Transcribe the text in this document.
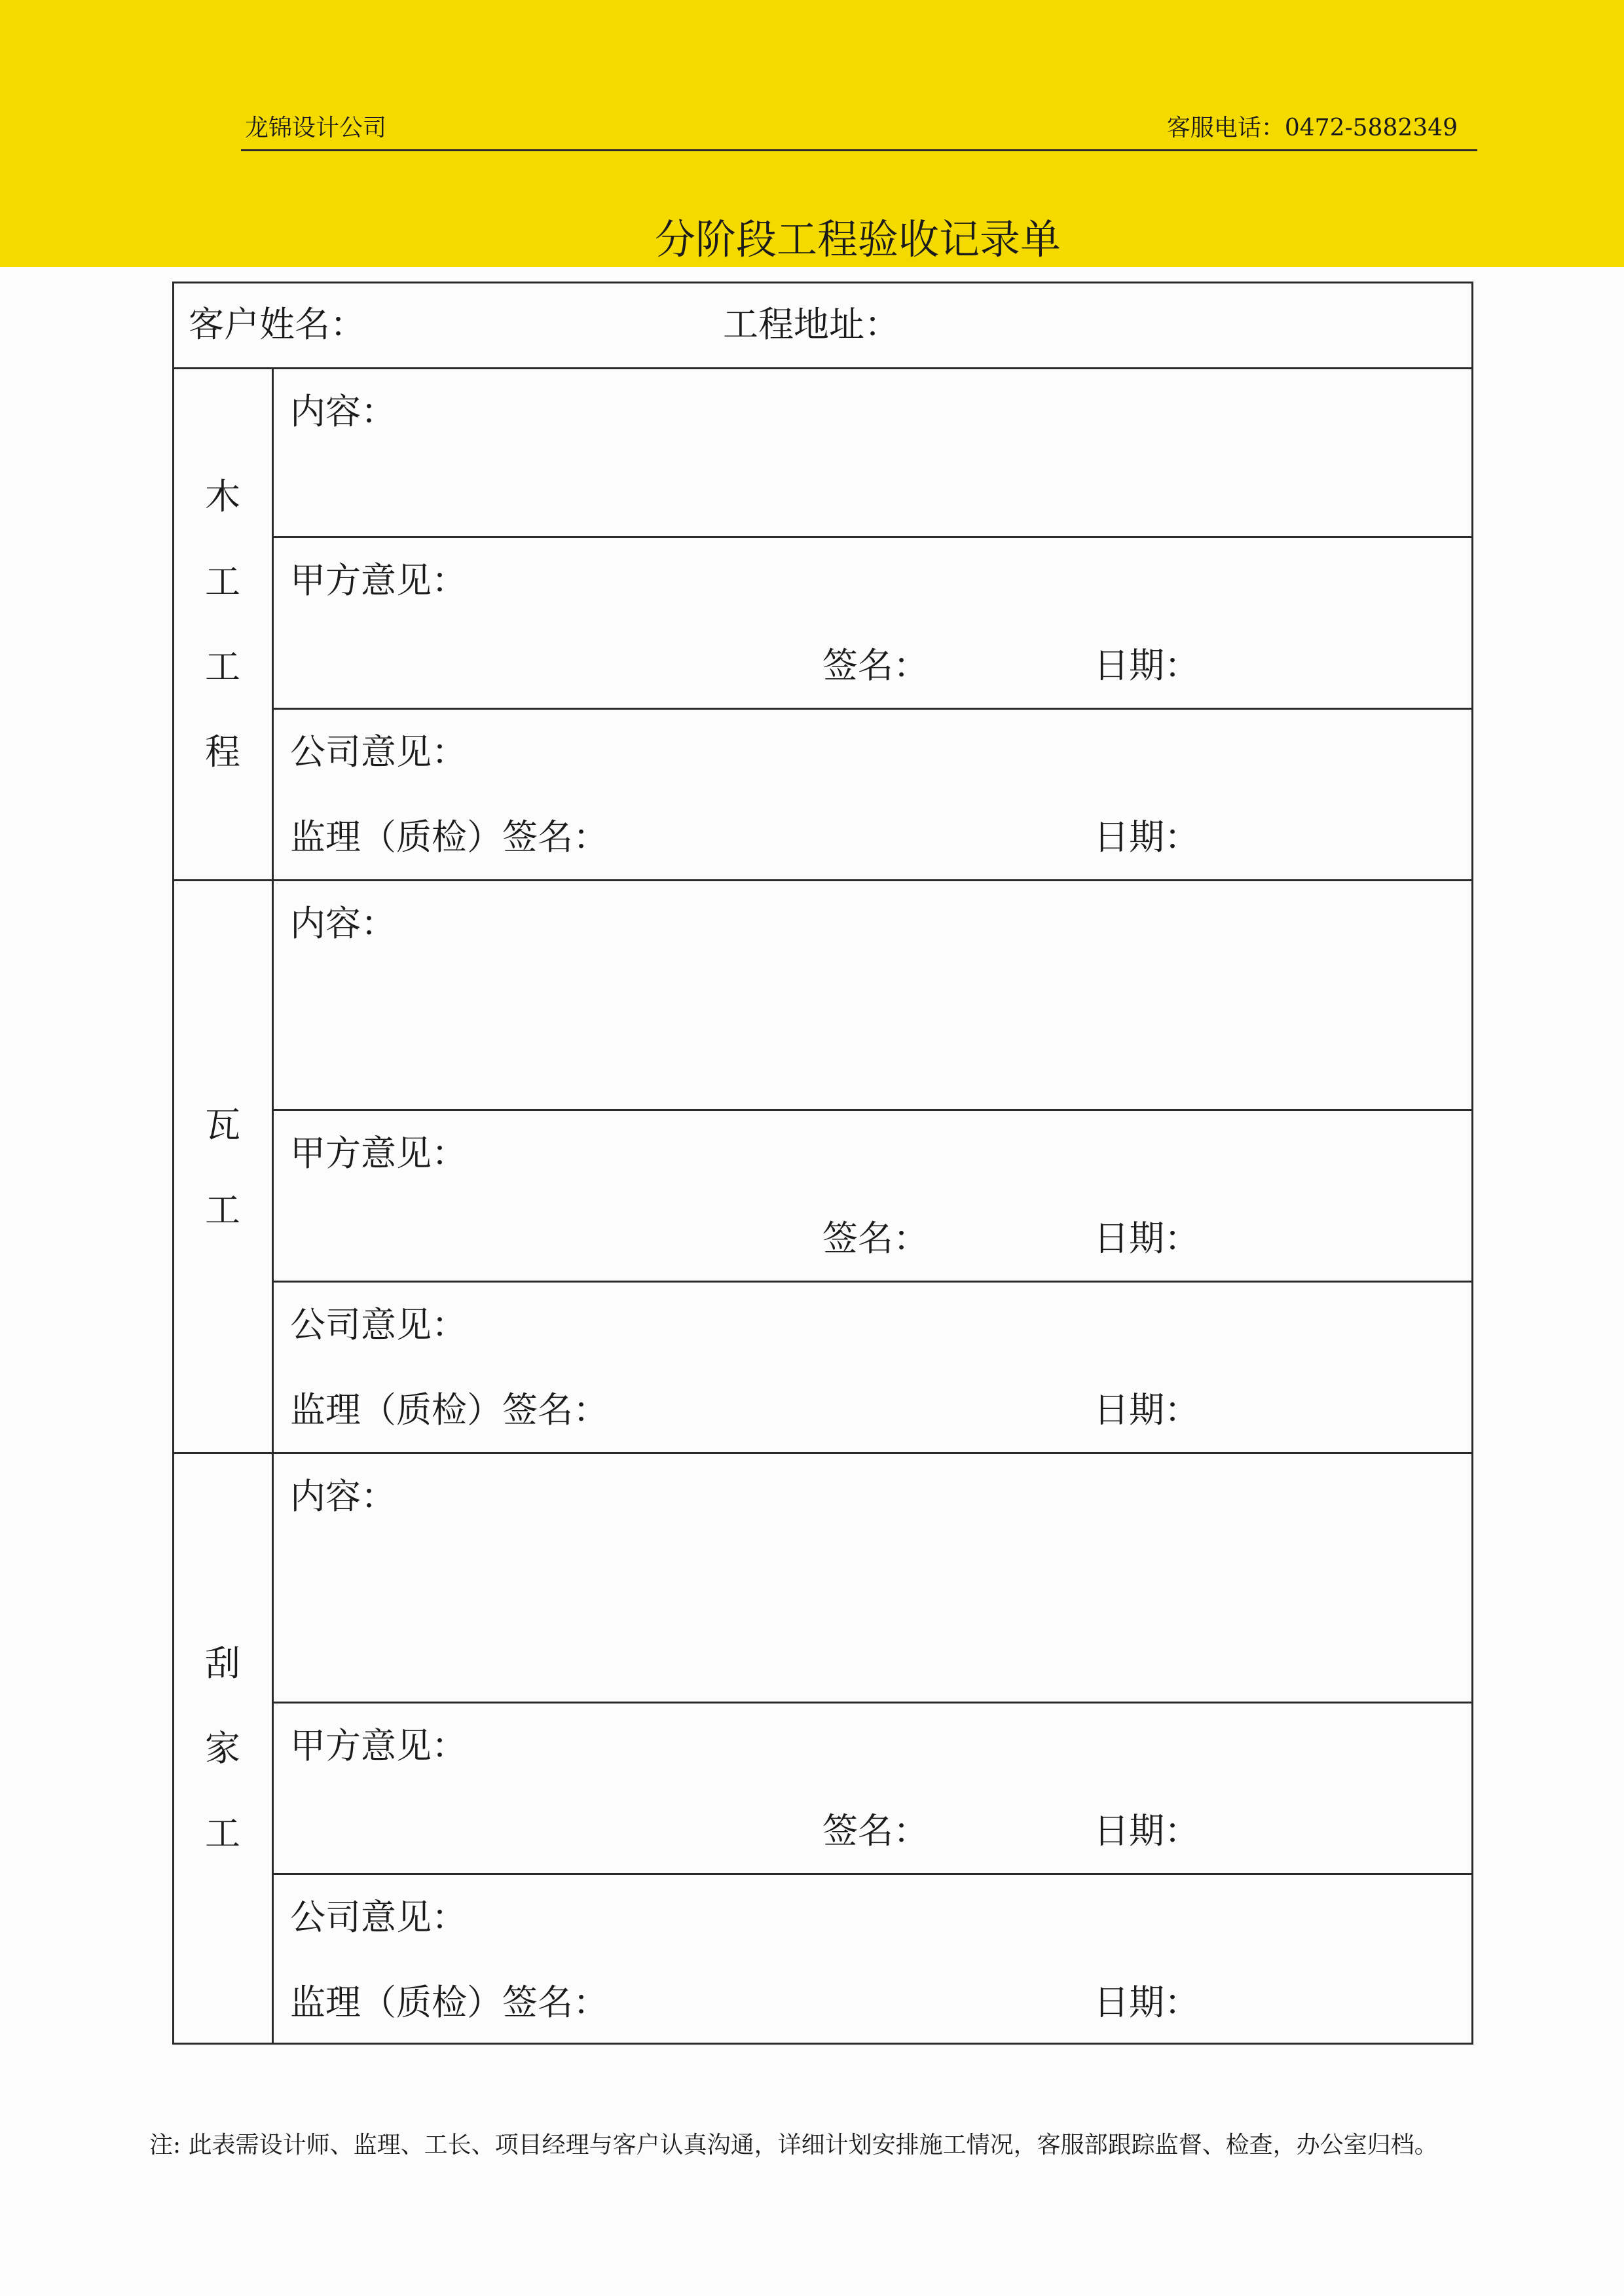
龙锦设计公司	客服电话：0472-5882349
分阶段工程验收记录单
客户姓名：	工程地址：
木
工
工
程
内容：
甲方意见：
签名：	日期：
公司意见：
监理（质检）签名：	日期：
瓦
工
内容：
甲方意见：
签名：	日期：
公司意见：
监理（质检）签名：	日期：
刮
家
工
内容：
甲方意见：
签名：	日期：
公司意见：
监理（质检）签名：	日期：
注: 此表需设计师、监理、工长、项目经理与客户认真沟通，详细计划安排施工情况，客服部跟踪监督、检查，办公室归档。
